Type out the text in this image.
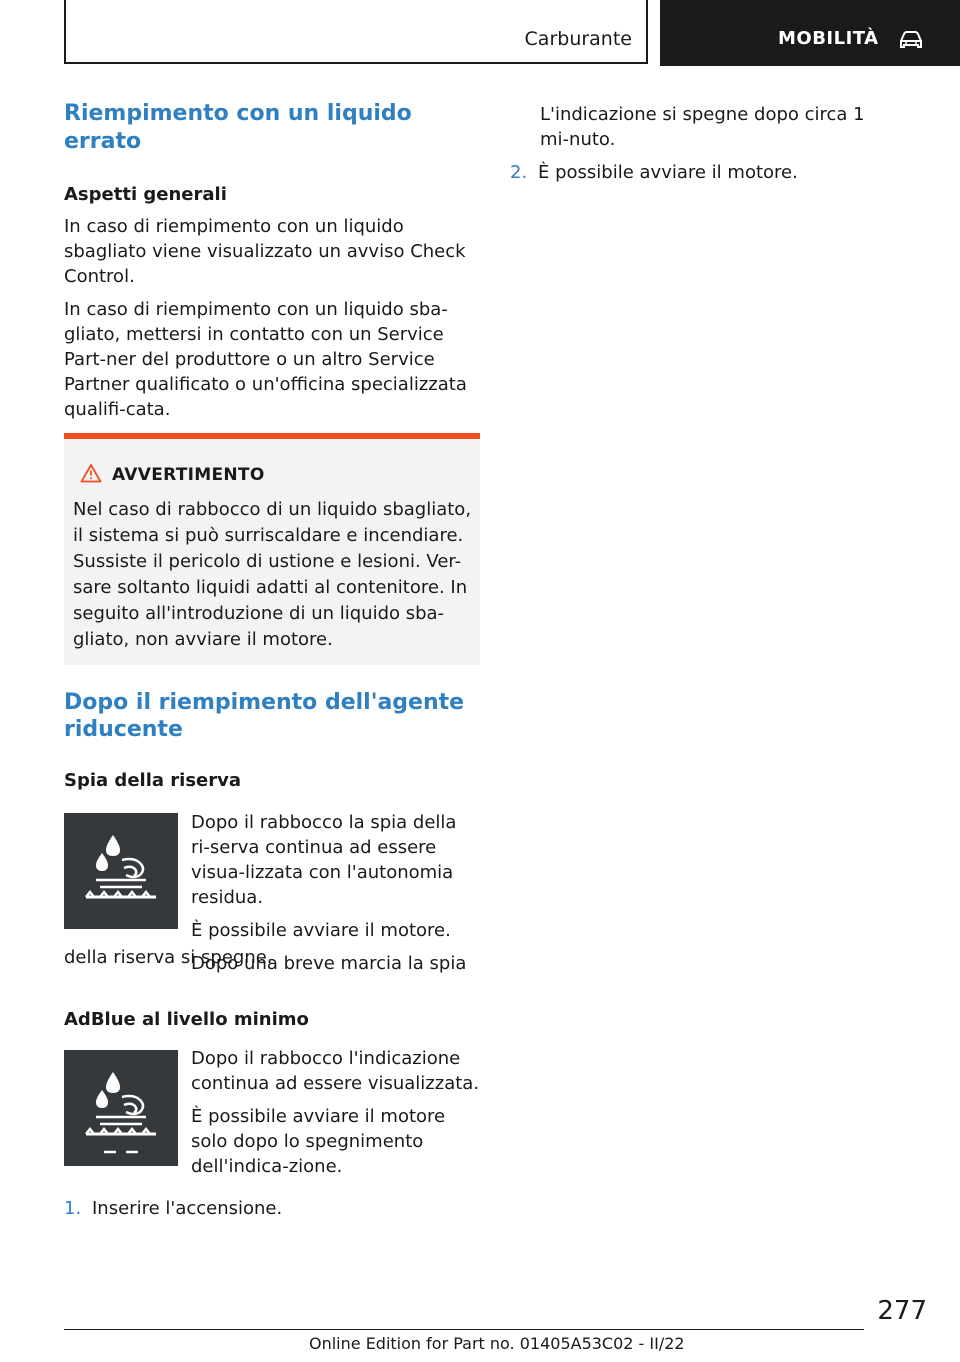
Carburante	MOBILITÀ
Riempimento con un liquido errato
Aspetti generali

In caso di riempimento con un liquido sbagliato viene visualizzato un avviso Check Control.

In caso di riempimento con un liquido sba-gliato, mettersi in contatto con un Service Part-ner del produttore o un altro Service Partner qualificato o un'officina specializzata qualifi-cata.

AVVERTIMENTO
Nel caso di rabbocco di un liquido sbagliato, il sistema si può surriscaldare e incendiare. Sussiste il pericolo di ustione e lesioni. Ver-sare soltanto liquidi adatti al contenitore. In seguito all'introduzione di un liquido sba-gliato, non avviare il motore.
Dopo il riempimento dell'agente riducente
Spia della riserva

Dopo il rabbocco la spia della ri-serva continua ad essere visua-lizzata con l'autonomia residua.

È possibile avviare il motore.

Dopo una breve marcia la spia

della riserva si spegne.

AdBlue al livello minimo

Dopo il rabbocco l'indicazione continua ad essere visualizzata.

È possibile avviare il motore solo dopo lo spegnimento dell'indica-zione.

1. Inserire l'accensione.

L'indicazione si spegne dopo circa 1 mi-nuto.

2. È possibile avviare il motore.

277
Online Edition for Part no. 01405A53C02 - II/22
